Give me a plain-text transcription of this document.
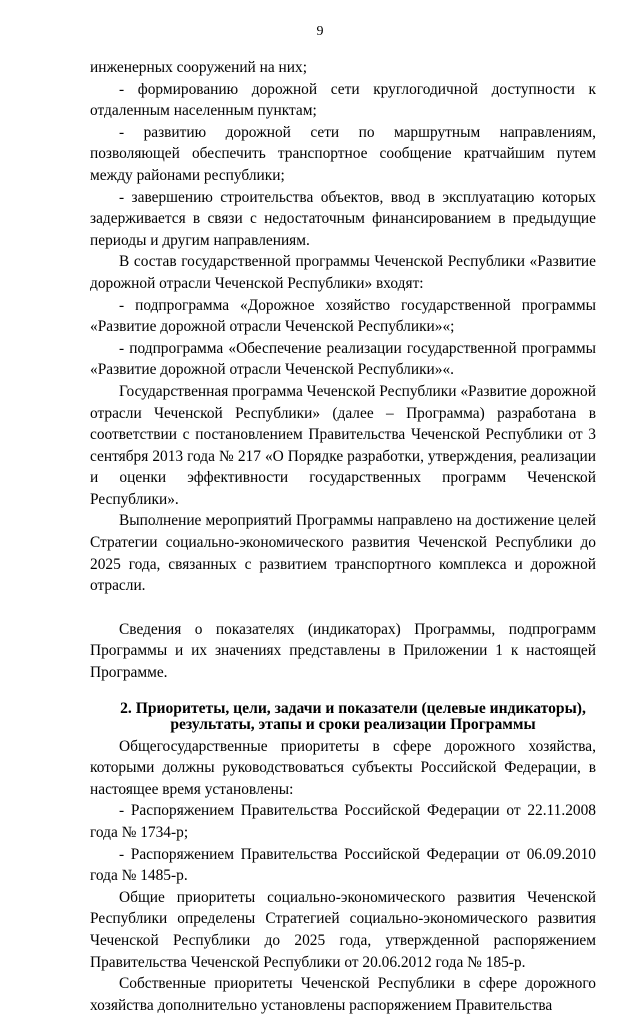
9

инженерных сооружений на них;

- формированию дорожной сети круглогодичной доступности к отдаленным населенным пунктам;

- развитию дорожной сети по маршрутным направлениям, позволяющей обеспечить транспортное сообщение кратчайшим путем между районами республики;

- завершению строительства объектов, ввод в эксплуатацию которых задерживается в связи с недостаточным финансированием в предыдущие периоды и другим направлениям.

В состав государственной программы Чеченской Республики «Развитие дорожной отрасли Чеченской Республики» входят:

- подпрограмма «Дорожное хозяйство государственной программы «Развитие дорожной отрасли Чеченской Республики»«;

- подпрограмма «Обеспечение реализации государственной программы «Развитие дорожной отрасли Чеченской Республики»«.

Государственная программа Чеченской Республики «Развитие дорожной отрасли Чеченской Республики» (далее – Программа) разработана в соответствии с постановлением Правительства Чеченской Республики от 3 сентября 2013 года № 217 «О Порядке разработки, утверждения, реализации и оценки эффективности государственных программ Чеченской Республики».

Выполнение мероприятий Программы направлено на достижение целей Стратегии социально-экономического развития Чеченской Республики до 2025 года, связанных с развитием транспортного комплекса и дорожной отрасли.

Сведения о показателях (индикаторах) Программы, подпрограмм Программы и их значениях представлены в Приложении 1 к настоящей Программе.

2. Приоритеты, цели, задачи и показатели (целевые индикаторы),

результаты, этапы и сроки реализации Программы

Общегосударственные приоритеты в сфере дорожного хозяйства, которыми должны руководствоваться субъекты Российской Федерации, в настоящее время установлены:

- Распоряжением Правительства Российской Федерации от 22.11.2008 года № 1734-р;

- Распоряжением Правительства Российской Федерации от 06.09.2010 года № 1485-р.

Общие приоритеты социально-экономического развития Чеченской Республики определены Стратегией социально-экономического развития Чеченской Республики до 2025 года, утвержденной распоряжением Правительства Чеченской Республики от 20.06.2012 года № 185-р.

Собственные приоритеты Чеченской Республики в сфере дорожного хозяйства дополнительно установлены распоряжением Правительства
